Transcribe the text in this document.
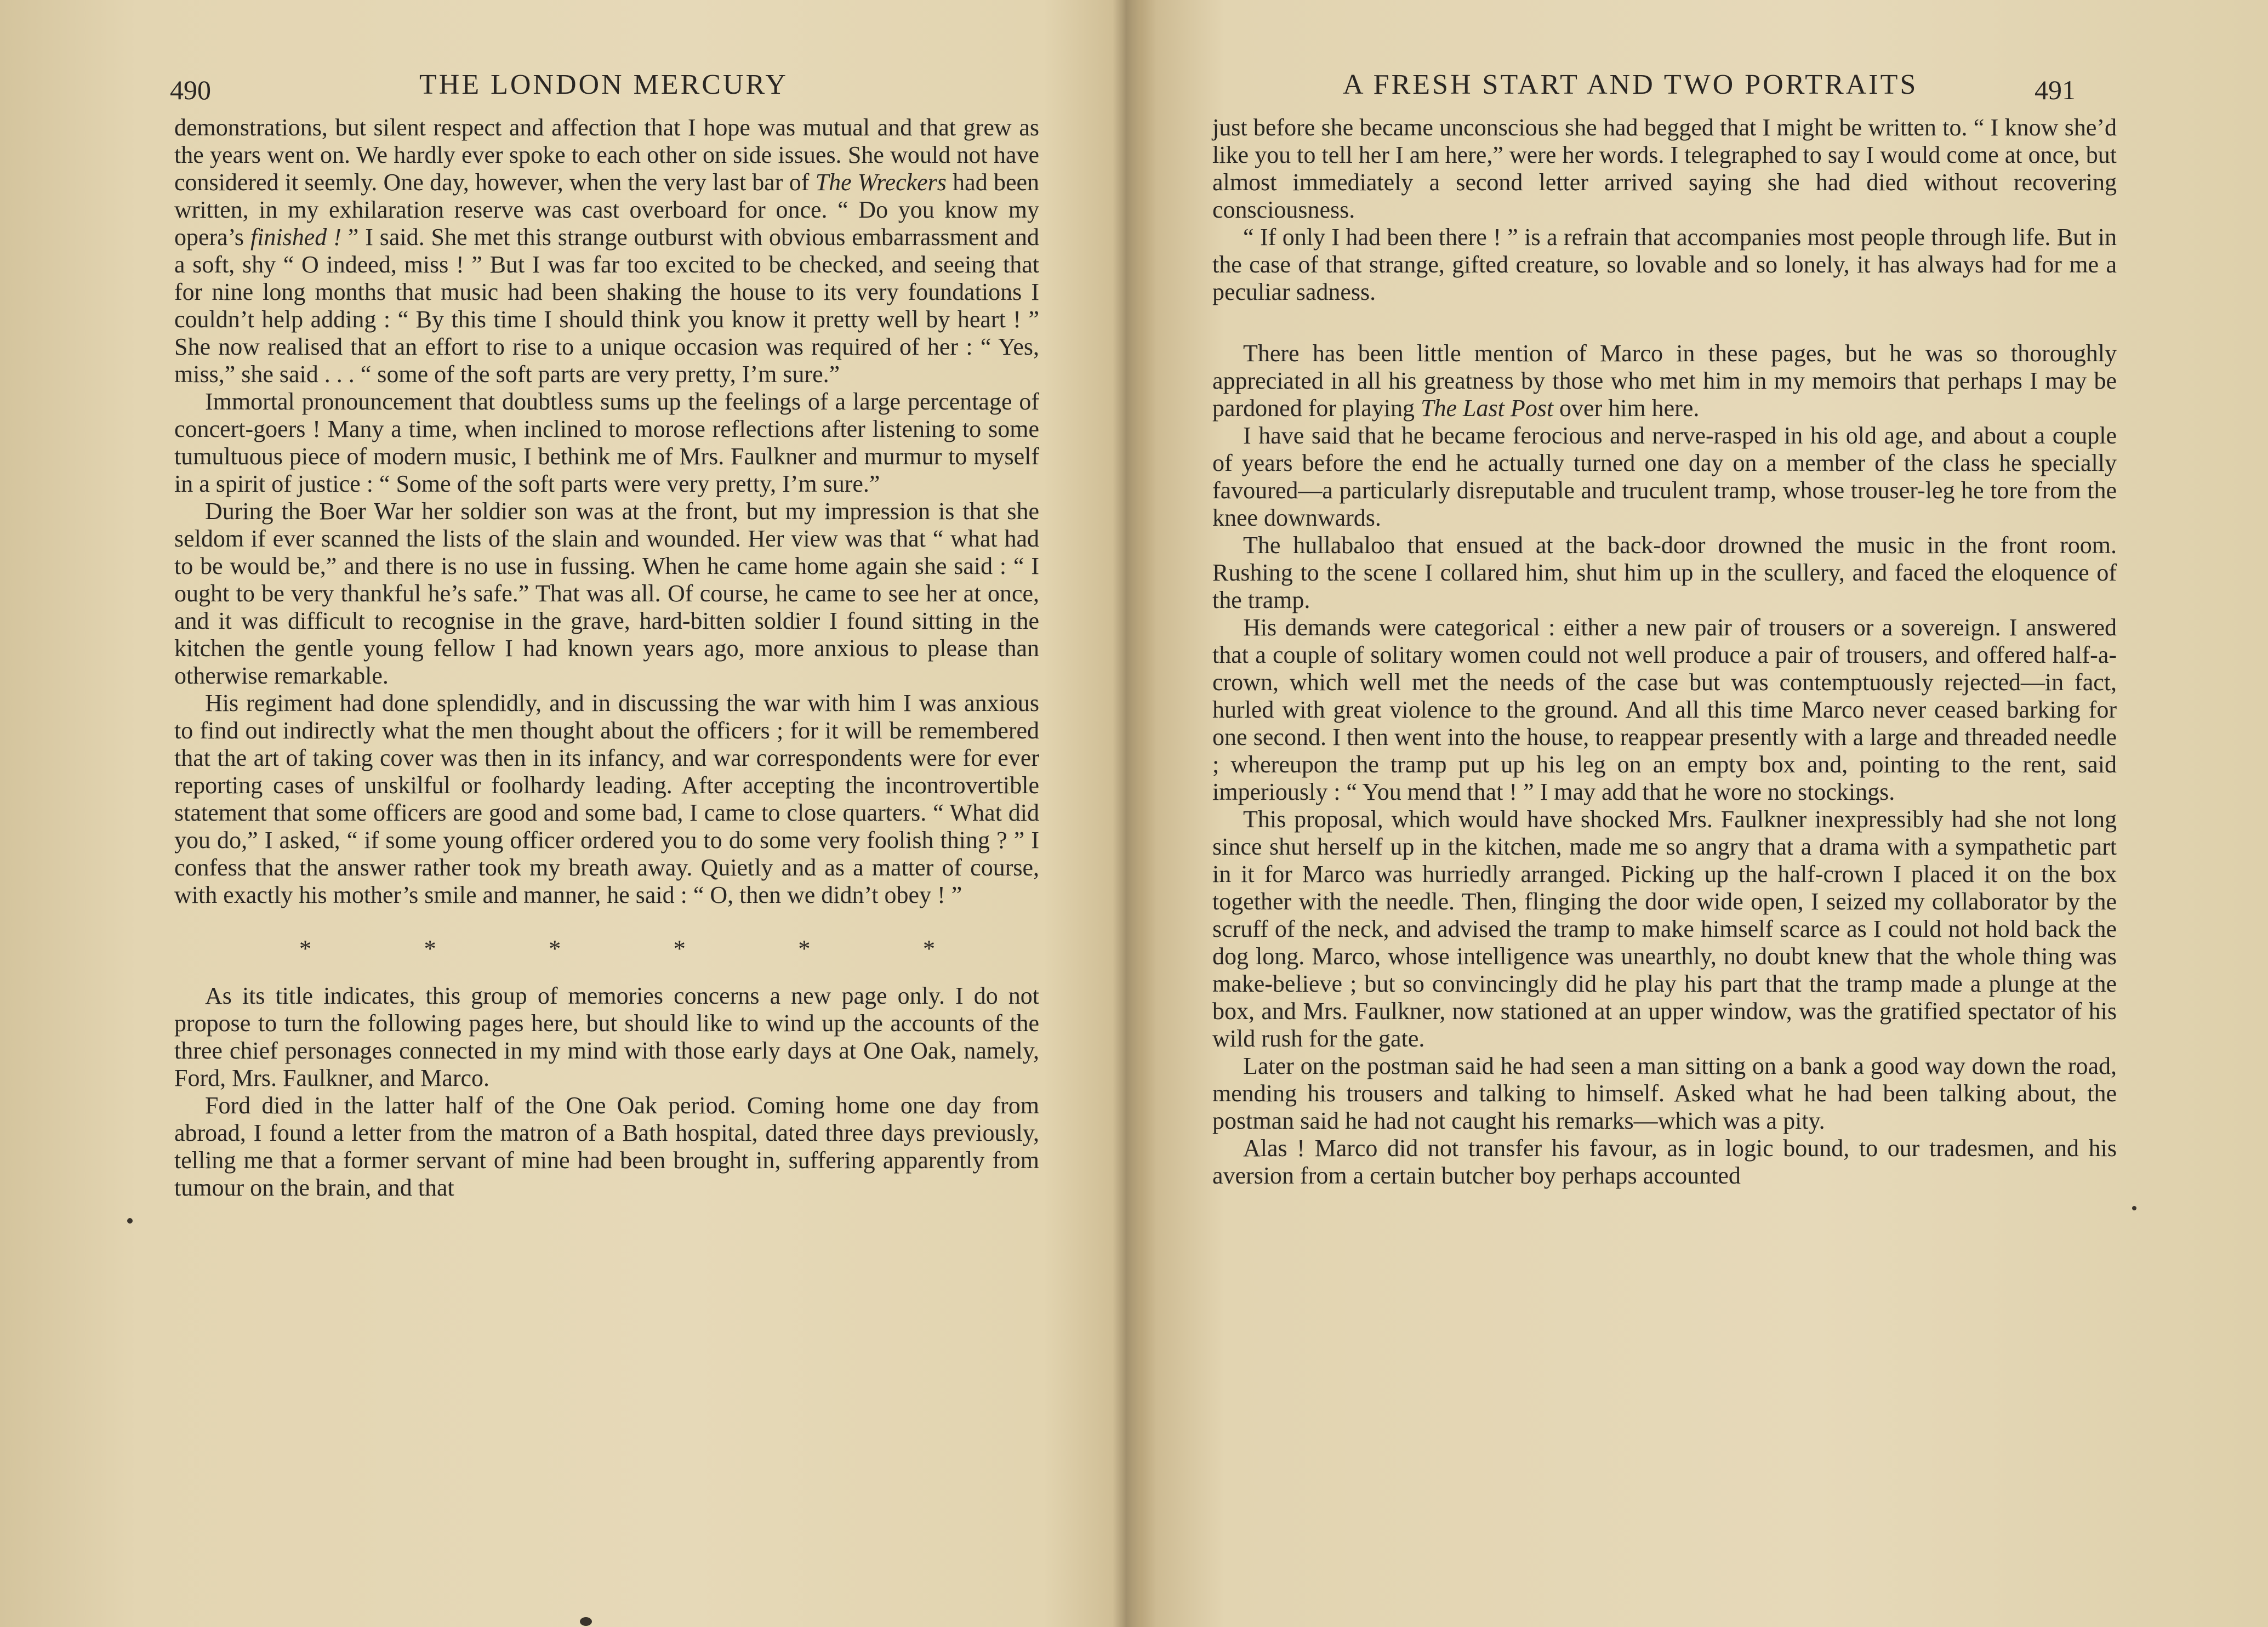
490	THE LONDON MERCURY

demonstrations, but silent respect and affection that I hope was mutual and that grew as the years went on. We hardly ever spoke to each other on side issues. She would not have considered it seemly. One day, however, when the very last bar of The Wreckers had been written, in my exhilaration reserve was cast overboard for once. “ Do you know my opera’s finished ! ” I said. She met this strange outburst with obvious embarrassment and a soft, shy “ O indeed, miss ! ” But I was far too excited to be checked, and seeing that for nine long months that music had been shaking the house to its very foundations I couldn’t help adding : “ By this time I should think you know it pretty well by heart ! ” She now realised that an effort to rise to a unique occasion was required of her : “ Yes, miss,” she said . . . “ some of the soft parts are very pretty, I’m sure.”

Immortal pronouncement that doubtless sums up the feelings of a large percentage of concert-goers ! Many a time, when inclined to morose reflections after listening to some tumultuous piece of modern music, I bethink me of Mrs. Faulkner and murmur to myself in a spirit of justice : “ Some of the soft parts were very pretty, I’m sure.”

During the Boer War her soldier son was at the front, but my impression is that she seldom if ever scanned the lists of the slain and wounded. Her view was that “ what had to be would be,” and there is no use in fussing. When he came home again she said : “ I ought to be very thankful he’s safe.” That was all. Of course, he came to see her at once, and it was difficult to recognise in the grave, hard-bitten soldier I found sitting in the kitchen the gentle young fellow I had known years ago, more anxious to please than otherwise remarkable.

His regiment had done splendidly, and in discussing the war with him I was anxious to find out indirectly what the men thought about the officers ; for it will be remembered that the art of taking cover was then in its infancy, and war correspondents were for ever reporting cases of unskilful or foolhardy leading. After accepting the incontrovertible statement that some officers are good and some bad, I came to close quarters. “ What did you do,” I asked, “ if some young officer ordered you to do some very foolish thing ? ” I confess that the answer rather took my breath away. Quietly and as a matter of course, with exactly his mother’s smile and manner, he said : “ O, then we didn’t obey ! ”

*	*	*	*	*	*

As its title indicates, this group of memories concerns a new page only. I do not propose to turn the following pages here, but should like to wind up the accounts of the three chief personages connected in my mind with those early days at One Oak, namely, Ford, Mrs. Faulkner, and Marco.

Ford died in the latter half of the One Oak period. Coming home one day from abroad, I found a letter from the matron of a Bath hospital, dated three days previously, telling me that a former servant of mine had been brought in, suffering apparently from tumour on the brain, and that

A FRESH START AND TWO PORTRAITS	491

just before she became unconscious she had begged that I might be written to. “ I know she’d like you to tell her I am here,” were her words. I telegraphed to say I would come at once, but almost immediately a second letter arrived saying she had died without recovering consciousness.

“ If only I had been there ! ” is a refrain that accompanies most people through life. But in the case of that strange, gifted creature, so lovable and so lonely, it has always had for me a peculiar sadness.

There has been little mention of Marco in these pages, but he was so thoroughly appreciated in all his greatness by those who met him in my memoirs that perhaps I may be pardoned for playing The Last Post over him here.

I have said that he became ferocious and nerve-rasped in his old age, and about a couple of years before the end he actually turned one day on a member of the class he specially favoured—a particularly disreputable and truculent tramp, whose trouser-leg he tore from the knee downwards.

The hullabaloo that ensued at the back-door drowned the music in the front room. Rushing to the scene I collared him, shut him up in the scullery, and faced the eloquence of the tramp.

His demands were categorical : either a new pair of trousers or a sovereign. I answered that a couple of solitary women could not well produce a pair of trousers, and offered half-a-crown, which well met the needs of the case but was contemptuously rejected—in fact, hurled with great violence to the ground. And all this time Marco never ceased barking for one second. I then went into the house, to reappear presently with a large and threaded needle ; whereupon the tramp put up his leg on an empty box and, pointing to the rent, said imperiously : “ You mend that ! ” I may add that he wore no stockings.

This proposal, which would have shocked Mrs. Faulkner inexpressibly had she not long since shut herself up in the kitchen, made me so angry that a drama with a sympathetic part in it for Marco was hurriedly arranged. Picking up the half-crown I placed it on the box together with the needle. Then, flinging the door wide open, I seized my collaborator by the scruff of the neck, and advised the tramp to make himself scarce as I could not hold back the dog long. Marco, whose intelligence was unearthly, no doubt knew that the whole thing was make-believe ; but so convincingly did he play his part that the tramp made a plunge at the box, and Mrs. Faulkner, now stationed at an upper window, was the gratified spectator of his wild rush for the gate.

Later on the postman said he had seen a man sitting on a bank a good way down the road, mending his trousers and talking to himself. Asked what he had been talking about, the postman said he had not caught his remarks—which was a pity.

Alas ! Marco did not transfer his favour, as in logic bound, to our tradesmen, and his aversion from a certain butcher boy perhaps accounted
